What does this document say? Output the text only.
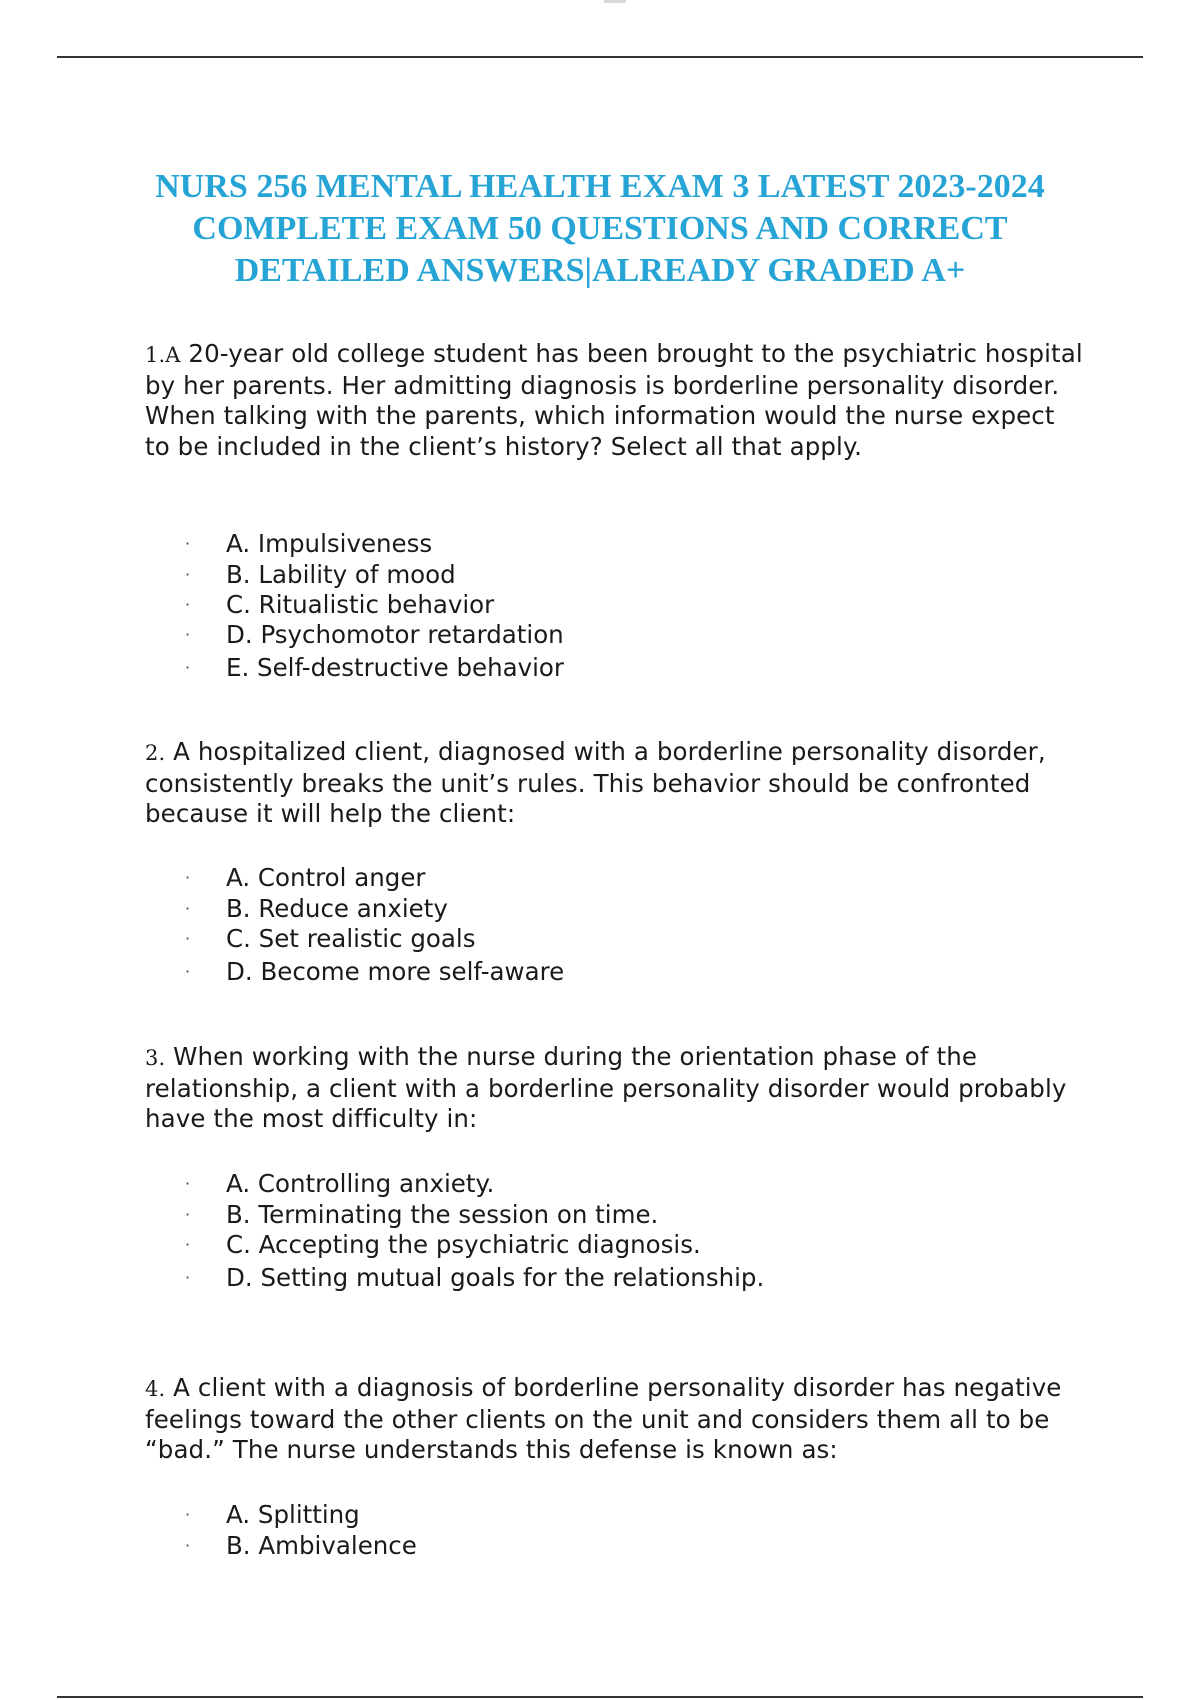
NURS 256 MENTAL HEALTH EXAM 3 LATEST 2023-2024
COMPLETE EXAM 50 QUESTIONS AND CORRECT
DETAILED ANSWERS|ALREADY GRADED A+

1.A 20-year old college student has been brought to the psychiatric hospital by her parents. Her admitting diagnosis is borderline personality disorder. When talking with the parents, which information would the nurse expect to be included in the client’s history? Select all that apply.

· A. Impulsiveness
· B. Lability of mood
· C. Ritualistic behavior
· D. Psychomotor retardation
· E. Self-destructive behavior

2. A hospitalized client, diagnosed with a borderline personality disorder, consistently breaks the unit’s rules. This behavior should be confronted because it will help the client:

· A. Control anger
· B. Reduce anxiety
· C. Set realistic goals
· D. Become more self-aware

3. When working with the nurse during the orientation phase of the relationship, a client with a borderline personality disorder would probably have the most difficulty in:

· A. Controlling anxiety.
· B. Terminating the session on time.
· C. Accepting the psychiatric diagnosis.
· D. Setting mutual goals for the relationship.

4. A client with a diagnosis of borderline personality disorder has negative feelings toward the other clients on the unit and considers them all to be “bad.” The nurse understands this defense is known as:

· A. Splitting
· B. Ambivalence
